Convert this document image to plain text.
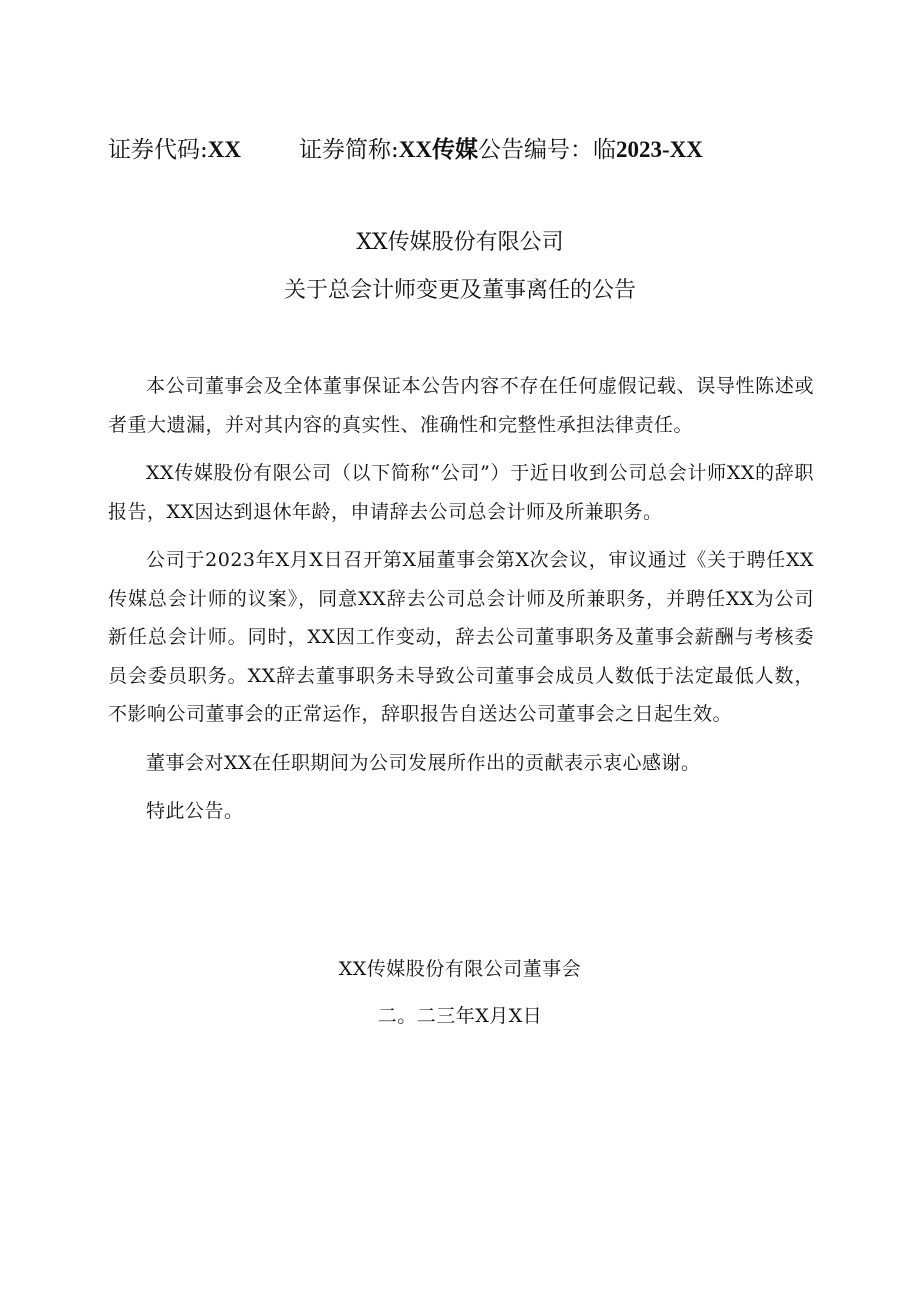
证券代码:XX	证券简称:XX传媒公告编号：临2023-XX
XX传媒股份有限公司
关于总会计师变更及董事离任的公告

本公司董事会及全体董事保证本公告内容不存在任何虚假记载、误导性陈述或者重大遗漏，并对其内容的真实性、准确性和完整性承担法律责任。

XX传媒股份有限公司（以下简称“公司”）于近日收到公司总会计师XX的辞职报告，XX因达到退休年龄，申请辞去公司总会计师及所兼职务。

公司于2023年X月X日召开第X届董事会第X次会议，审议通过《关于聘任XX传媒总会计师的议案》，同意XX辞去公司总会计师及所兼职务，并聘任XX为公司新任总会计师。同时，XX因工作变动，辞去公司董事职务及董事会薪酬与考核委员会委员职务。XX辞去董事职务未导致公司董事会成员人数低于法定最低人数，不影响公司董事会的正常运作，辞职报告自送达公司董事会之日起生效。

董事会对XX在任职期间为公司发展所作出的贡献表示衷心感谢。

特此公告。

XX传媒股份有限公司董事会
二。二三年X月X日
